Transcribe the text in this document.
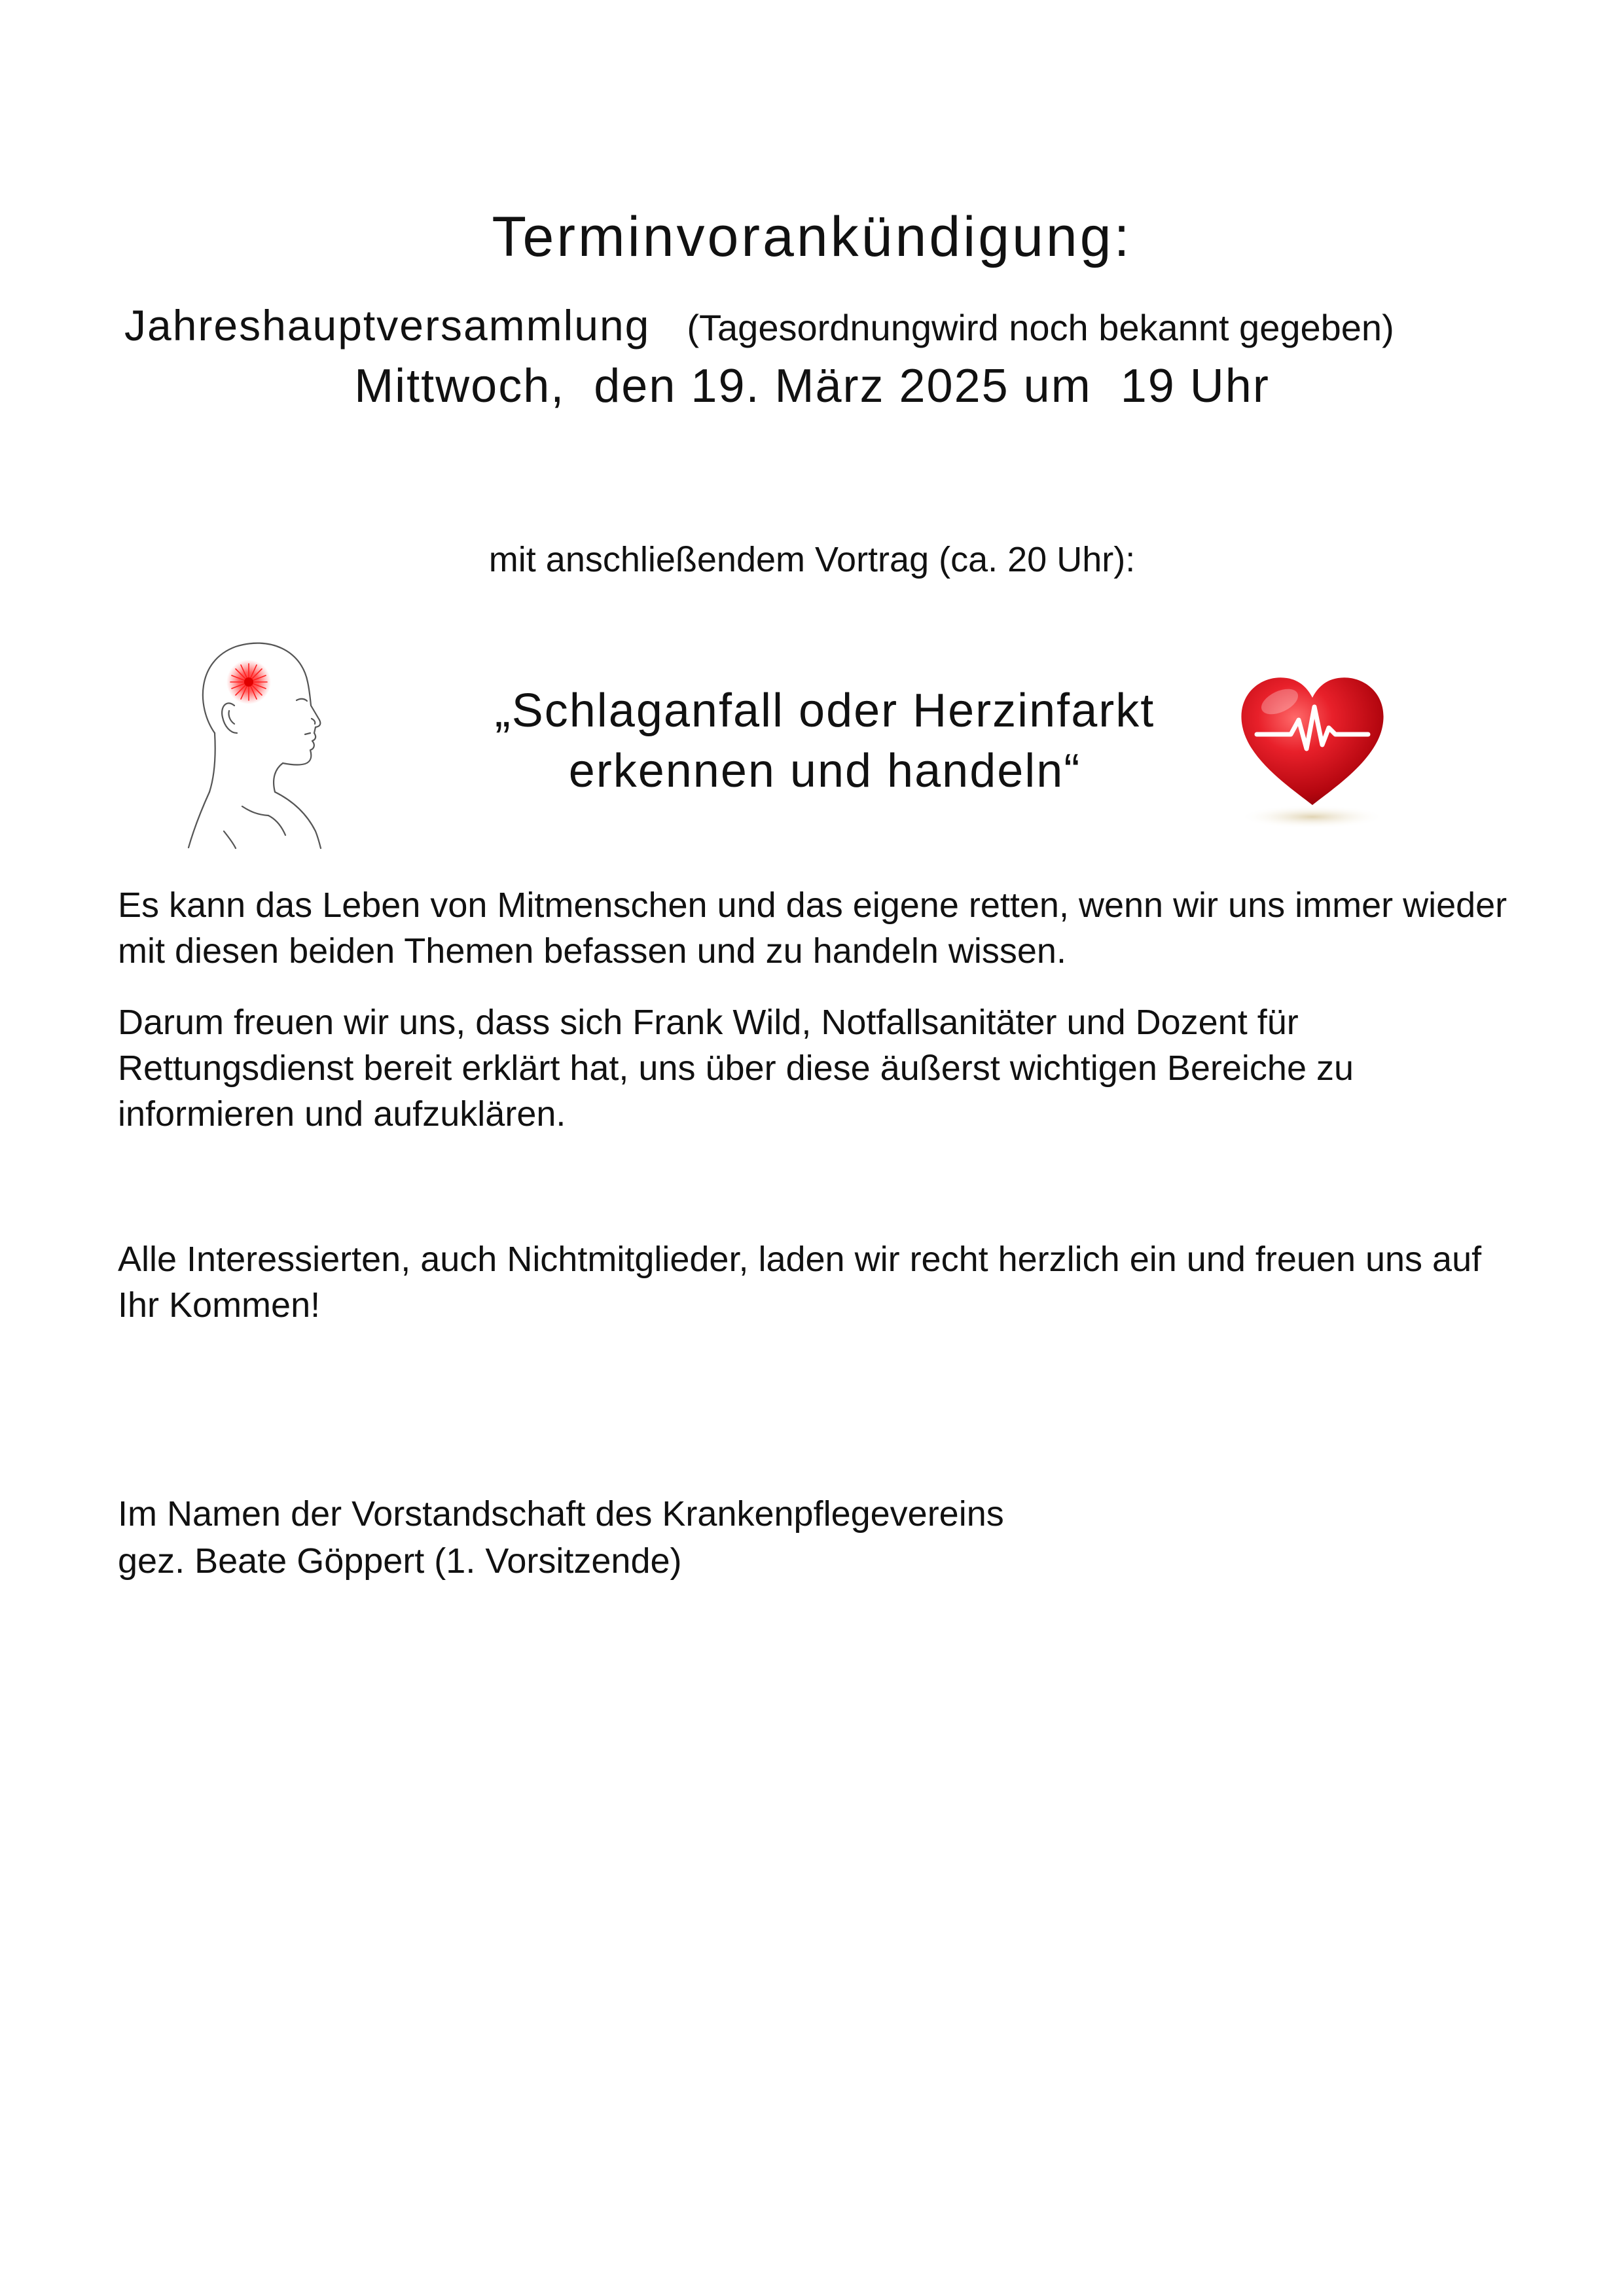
Terminvorankündigung:
Jahreshauptversammlung (Tagesordnungwird noch bekannt gegeben)
Mittwoch,  den 19. März 2025 um  19 Uhr
mit anschließendem Vortrag (ca. 20 Uhr):
„Schlaganfall oder Herzinfarkt
erkennen und handeln“

Es kann das Leben von Mitmenschen und das eigene retten, wenn wir uns immer wieder mit diesen beiden Themen befassen und zu handeln wissen.

Darum freuen wir uns, dass sich Frank Wild, Notfallsanitäter und Dozent für Rettungsdienst bereit erklärt hat, uns über diese äußerst wichtigen Bereiche zu informieren und aufzuklären.

Alle Interessierten, auch Nichtmitglieder, laden wir recht herzlich ein und freuen uns auf Ihr Kommen!

Im Namen der Vorstandschaft des Krankenpflegevereins
gez. Beate Göppert (1. Vorsitzende)
